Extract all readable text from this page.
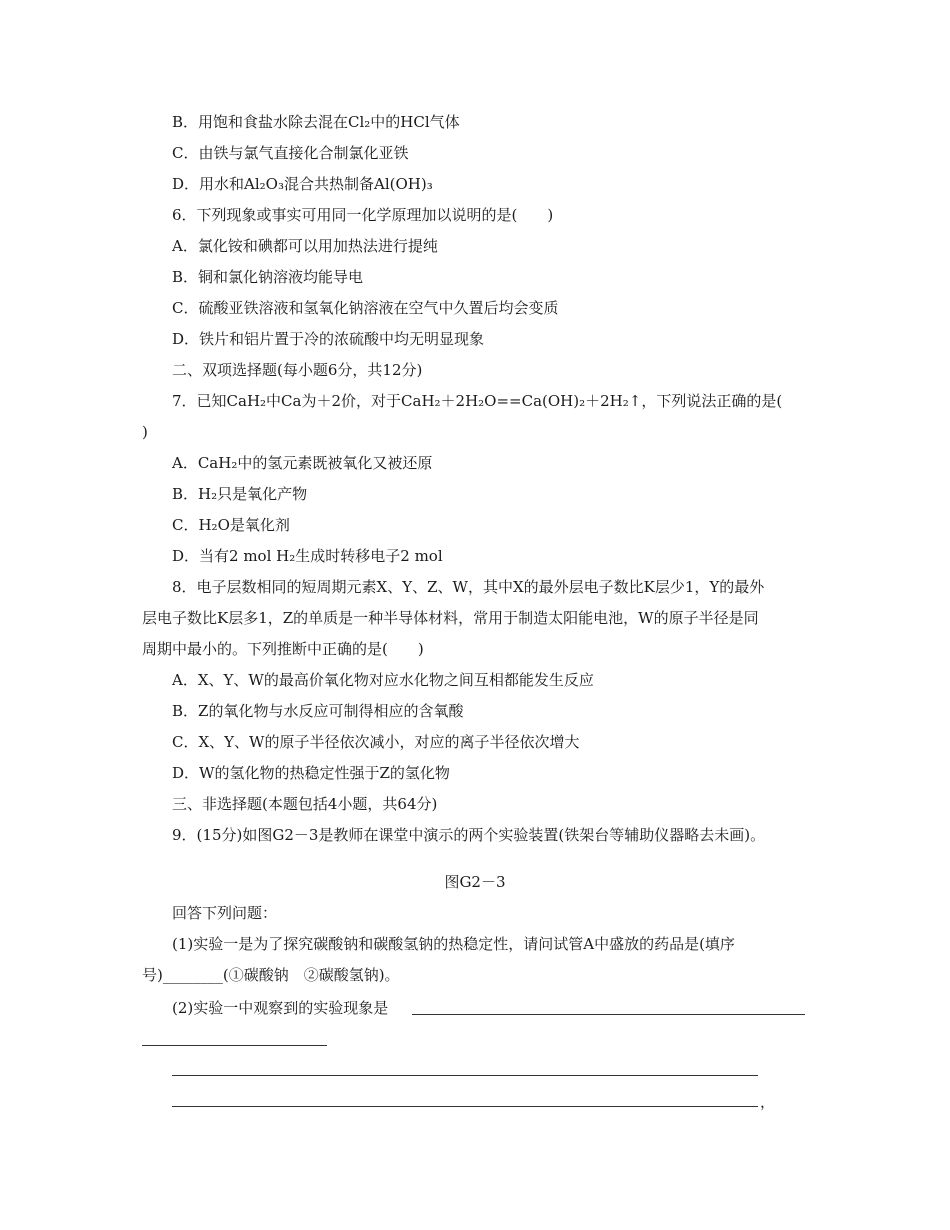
B．用饱和食盐水除去混在Cl₂中的HCl气体
C．由铁与氯气直接化合制氯化亚铁
D．用水和Al₂O₃混合共热制备Al(OH)₃
6．下列现象或事实可用同一化学原理加以说明的是(　　)
A．氯化铵和碘都可以用加热法进行提纯
B．铜和氯化钠溶液均能导电
C．硫酸亚铁溶液和氢氧化钠溶液在空气中久置后均会变质
D．铁片和铝片置于冷的浓硫酸中均无明显现象
二、双项选择题(每小题6分，共12分)
7．已知CaH₂中Ca为＋2价，对于CaH₂＋2H₂O==Ca(OH)₂＋2H₂↑，下列说法正确的是(
)
A．CaH₂中的氢元素既被氧化又被还原
B．H₂只是氧化产物
C．H₂O是氧化剂
D．当有2 mol H₂生成时转移电子2 mol
8．电子层数相同的短周期元素X、Y、Z、W，其中X的最外层电子数比K层少1，Y的最外
层电子数比K层多1，Z的单质是一种半导体材料，常用于制造太阳能电池，W的原子半径是同
周期中最小的。下列推断中正确的是(　　)
A．X、Y、W的最高价氧化物对应水化物之间互相都能发生反应
B．Z的氧化物与水反应可制得相应的含氧酸
C．X、Y、W的原子半径依次减小，对应的离子半径依次增大
D．W的氢化物的热稳定性强于Z的氢化物
三、非选择题(本题包括4小题，共64分)
9．(15分)如图G2－3是教师在课堂中演示的两个实验装置(铁架台等辅助仪器略去未画)。
图G2－3
回答下列问题：
(1)实验一是为了探究碳酸钠和碳酸氢钠的热稳定性，请问试管A中盛放的药品是(填序
号)________(①碳酸钠　②碳酸氢钠)。
(2)实验一中观察到的实验现象是
，
